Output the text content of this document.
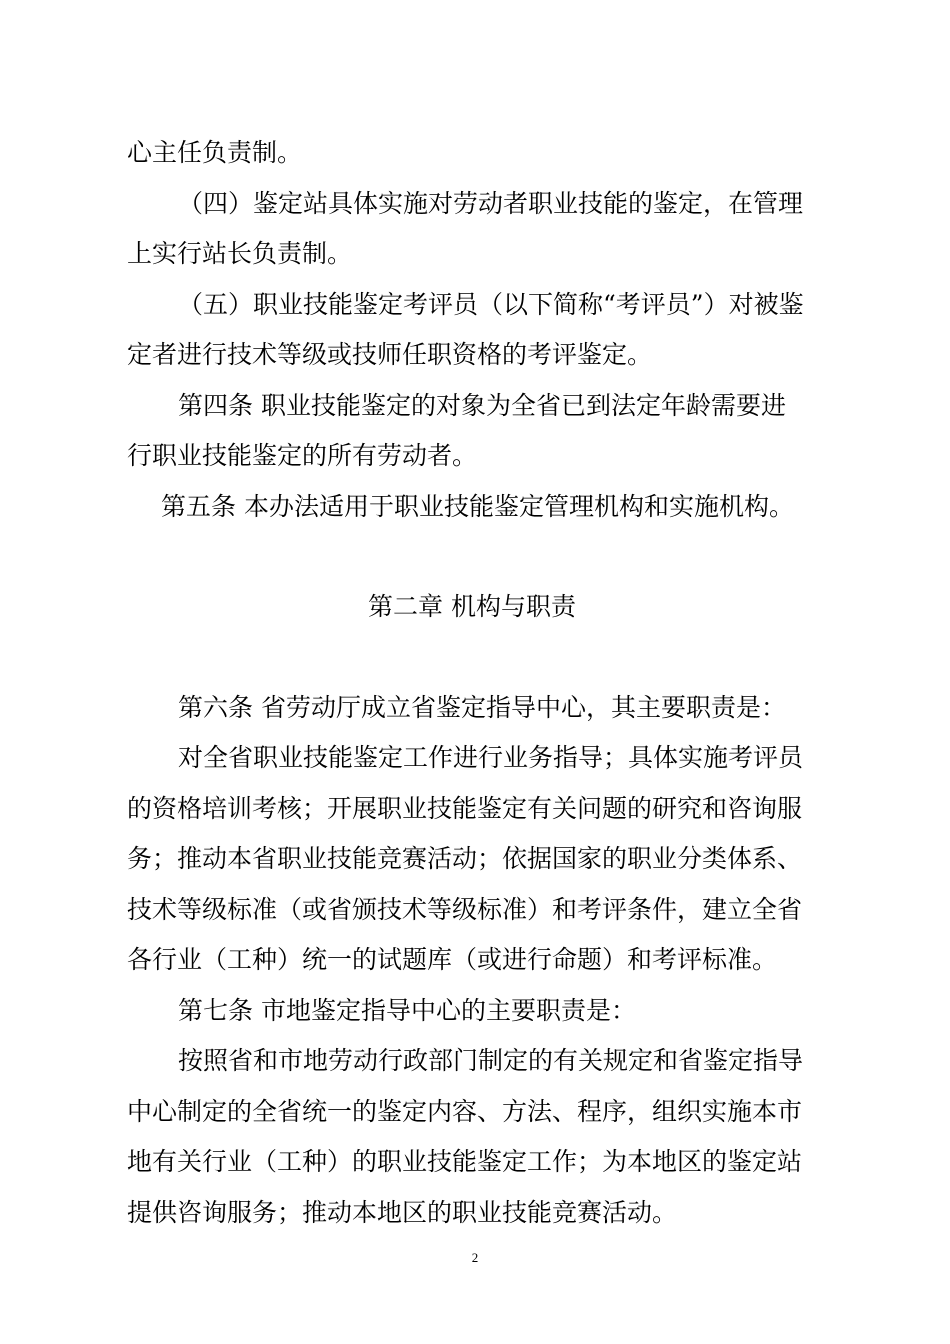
心主任负责制。
（四）鉴定站具体实施对劳动者职业技能的鉴定，在管理
上实行站长负责制。
（五）职业技能鉴定考评员（以下简称“考评员”）对被鉴
定者进行技术等级或技师任职资格的考评鉴定。
第四条 职业技能鉴定的对象为全省已到法定年龄需要进
行职业技能鉴定的所有劳动者。
第五条 本办法适用于职业技能鉴定管理机构和实施机构。
第二章 机构与职责
第六条 省劳动厅成立省鉴定指导中心，其主要职责是：
对全省职业技能鉴定工作进行业务指导；具体实施考评员
的资格培训考核；开展职业技能鉴定有关问题的研究和咨询服
务；推动本省职业技能竞赛活动；依据国家的职业分类体系、
技术等级标准（或省颁技术等级标准）和考评条件，建立全省
各行业（工种）统一的试题库（或进行命题）和考评标准。
第七条 市地鉴定指导中心的主要职责是：
按照省和市地劳动行政部门制定的有关规定和省鉴定指导
中心制定的全省统一的鉴定内容、方法、程序，组织实施本市
地有关行业（工种）的职业技能鉴定工作；为本地区的鉴定站
提供咨询服务；推动本地区的职业技能竞赛活动。
2
